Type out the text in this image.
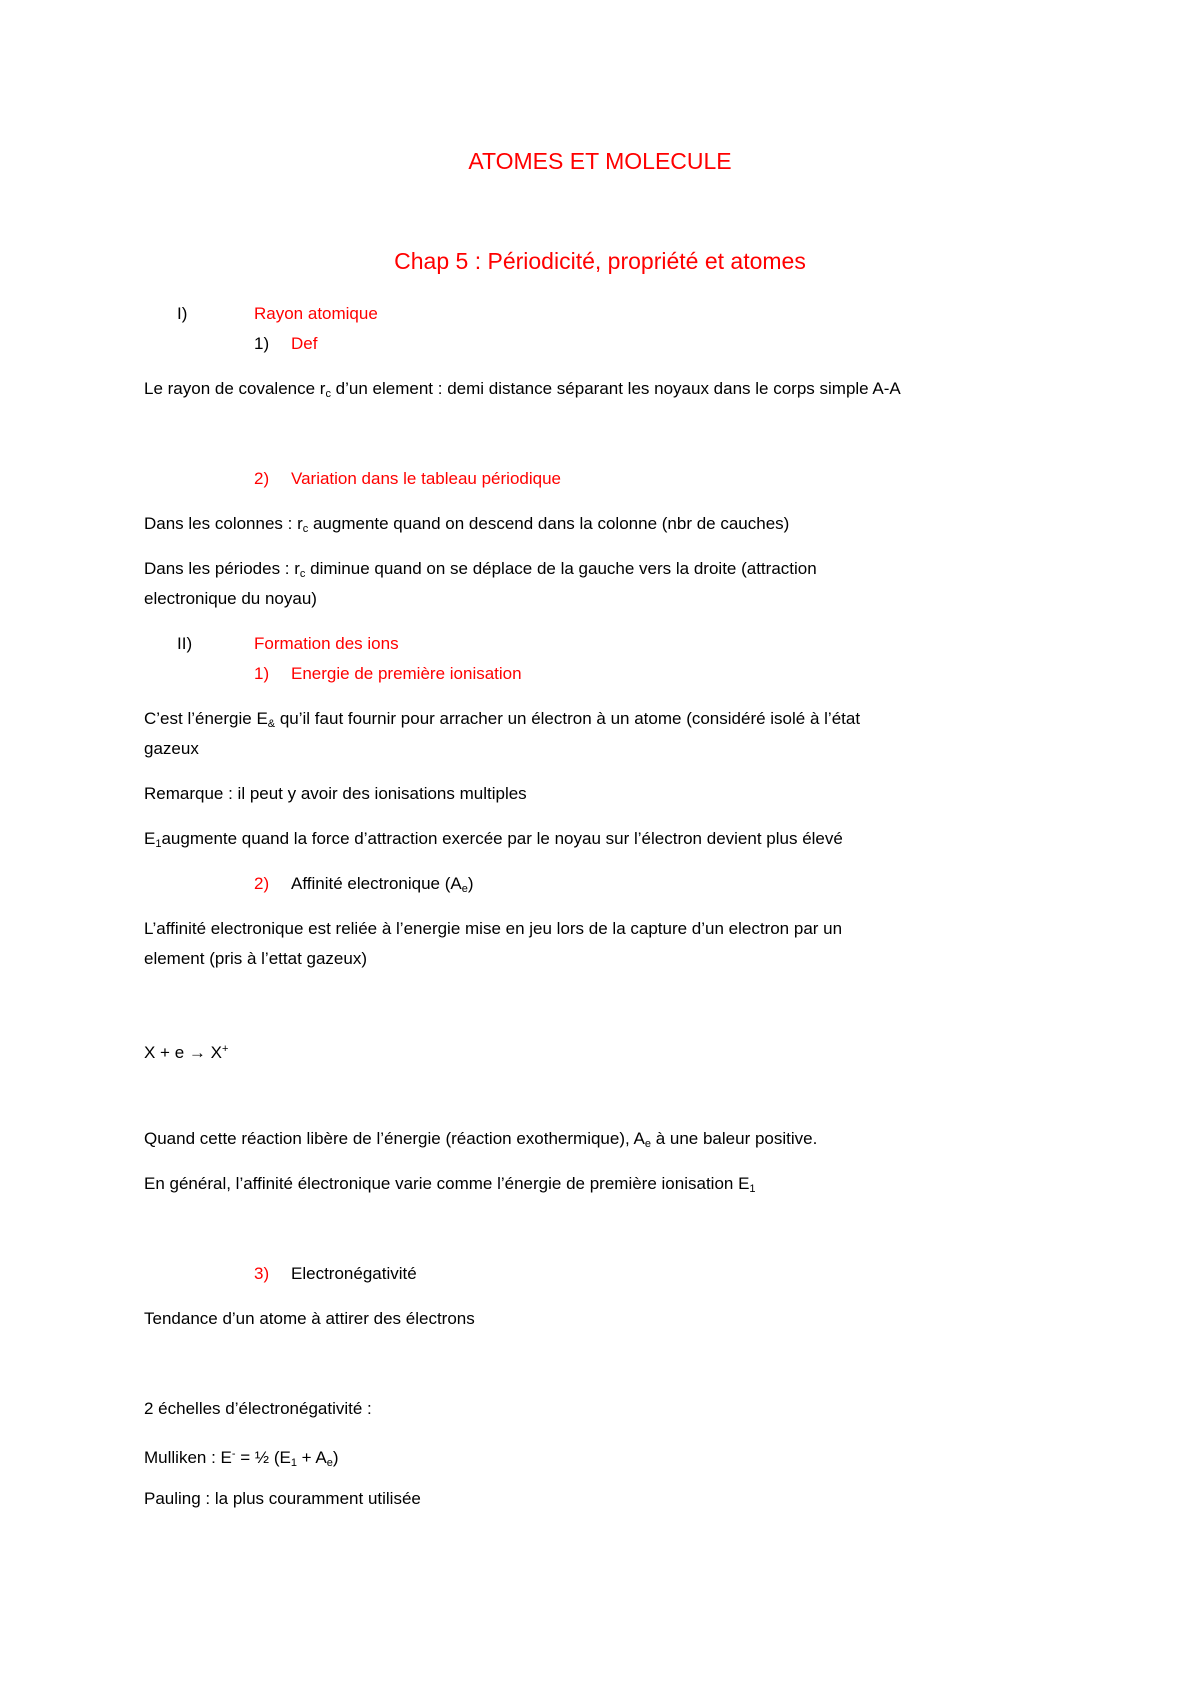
ATOMES ET MOLECULE
Chap 5 : Périodicité, propriété et atomes
I)	Rayon atomique
1) Def
Le rayon de covalence $r_c$ d’un element : demi distance séparant les noyaux dans le corps simple A-A
2) Variation dans le tableau périodique
Dans les colonnes : $r_c$ augmente quand on descend dans la colonne (nbr de cauches)
Dans les périodes : $r_c$ diminue quand on se déplace de la gauche vers la droite (attraction
electronique du noyau)
II)	Formation des ions
1) Energie de première ionisation
C’est l’énergie $E_{\&}$ qu’il faut fournir pour arracher un électron à un atome (considéré isolé à l’état
gazeux
Remarque : il peut y avoir des ionisations multiples
$E_1augmente$ quand la force d’attraction exercée par le noyau sur l’électron devient plus élevé
2) Affinité electronique $(A_e)$
L’affinité electronique est reliée à l’energie mise en jeu lors de la capture d’un electron par un
element (pris à l’ettat gazeux)
X + e → X+
Quand cette réaction libère de l’énergie (réaction exothermique), $A_e$ à une baleur positive.
En général, l’affinité électronique varie comme l’énergie de première ionisation $E_1$
3) Electronégativité
Tendance d’un atome à attirer des électrons
2 échelles d’électronégativité :
Mulliken : E- = ½ $(E_1 + A_e)$
Pauling : la plus couramment utilisée
